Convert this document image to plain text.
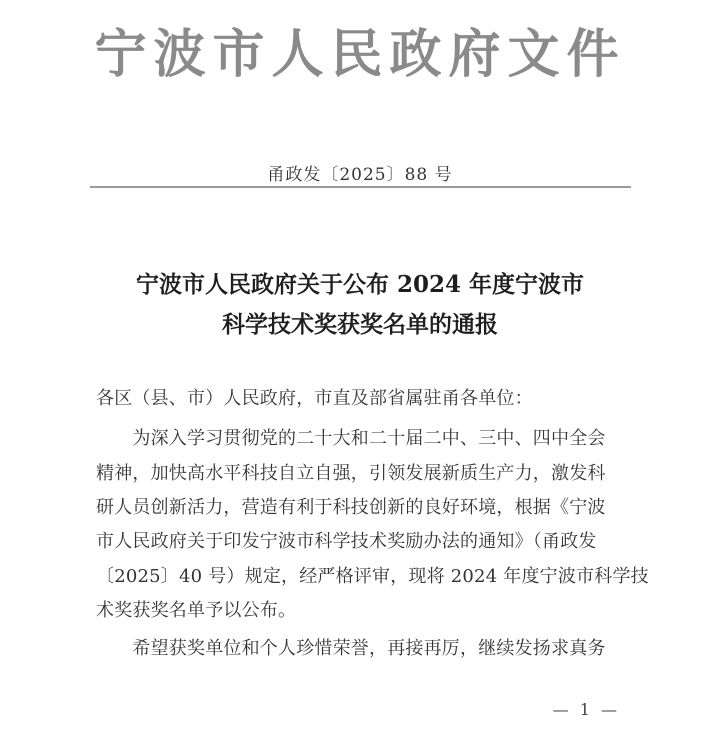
宁波市人民政府文件
甬政发〔2025〕88 号
宁波市人民政府关于公布 2024 年度宁波市
科学技术奖获奖名单的通报
各区（县、市）人民政府，市直及部省属驻甬各单位：
　　为深入学习贯彻党的二十大和二十届二中、三中、四中全会
精神，加快高水平科技自立自强，引领发展新质生产力，激发科
研人员创新活力，营造有利于科技创新的良好环境，根据《宁波
市人民政府关于印发宁波市科学技术奖励办法的通知》（甬政发
〔2025〕40 号）规定，经严格评审，现将 2024 年度宁波市科学技
术奖获奖名单予以公布。
　　希望获奖单位和个人珍惜荣誉，再接再厉，继续发扬求真务
— 1 —
